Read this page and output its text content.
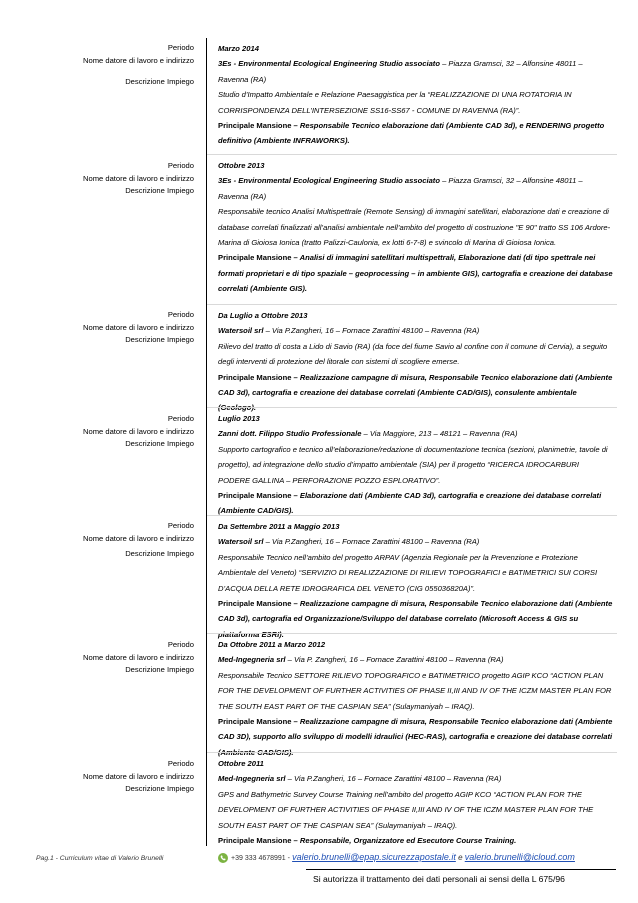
Periodo
Nome datore di lavoro e indirizzo
Descrizione Impiego

Marzo 2014

3Es - Environmental Ecological Engineering Studio associato – Piazza Gramsci, 32 – Alfonsine 48011 – Ravenna (RA)

Studio d’Impatto Ambientale e Relazione Paesaggistica per la “REALIZZAZIONE DI UNA ROTATORIA IN CORRISPONDENZA DELL’INTERSEZIONE SS16-SS67 - COMUNE DI RAVENNA (RA)”.

Principale Mansione – Responsabile Tecnico elaborazione dati (Ambiente CAD 3d), e RENDERING progetto definitivo (Ambiente INFRAWORKS).

Periodo
Nome datore di lavoro e indirizzo
Descrizione Impiego

Ottobre 2013

3Es - Environmental Ecological Engineering Studio associato – Piazza Gramsci, 32 – Alfonsine 48011 – Ravenna (RA)

Responsabile tecnico Analisi Multispettrale (Remote Sensing) di immagini satellitari, elaborazione dati e creazione di database correlati finalizzati all’analisi ambientale nell’ambito del progetto di costruzione "E 90" tratto SS 106 Ardore-Marina di Gioiosa Ionica (tratto Palizzi-Caulonia, ex lotti 6-7-8) e svincolo di Marina di Gioiosa Ionica.

Principale Mansione – Analisi di immagini satellitari multispettrali, Elaborazione dati (di tipo spettrale nei formati proprietari e di tipo spaziale – geoprocessing – in ambiente GIS), cartografia e creazione dei database correlati (Ambiente GIS).

Periodo
Nome datore di lavoro e indirizzo
Descrizione Impiego

Da Luglio a Ottobre 2013

Watersoil srl – Via P.Zangheri, 16 – Fornace Zarattini 48100 – Ravenna (RA)

Rilievo del tratto di costa a Lido di Savio (RA) (da foce del fiume Savio al confine con il comune di Cervia), a seguito degli interventi di protezione del litorale con sistemi di scogliere emerse.

Principale Mansione – Realizzazione campagne di misura, Responsabile Tecnico elaborazione dati (Ambiente CAD 3d), cartografia e creazione dei database correlati (Ambiente CAD/GIS), consulente ambientale (Geologo).

Periodo
Nome datore di lavoro e indirizzo
Descrizione Impiego

Luglio 2013

Zanni dott. Filippo Studio Professionale – Via Maggiore, 213 – 48121 – Ravenna (RA)

Supporto cartografico e tecnico all’elaborazione/redazione di documentazione tecnica (sezioni, planimetrie, tavole di progetto), ad integrazione dello studio d’impatto ambientale (SIA) per il progetto “RICERCA IDROCARBURI PODERE GALLINA – PERFORAZIONE POZZO ESPLORATIVO”.

Principale Mansione – Elaborazione dati (Ambiente CAD 3d), cartografia e creazione dei database correlati (Ambiente CAD/GIS).

Periodo
Nome datore di lavoro e indirizzo
Descrizione Impiego

Da Settembre 2011 a Maggio 2013

Watersoil srl – Via P.Zangheri, 16 – Fornace Zarattini 48100 – Ravenna (RA)

Responsabile Tecnico nell’ambito del progetto ARPAV (Agenzia Regionale per la Prevenzione e Protezione Ambientale del Veneto) “SERVIZIO DI REALIZZAZIONE DI RILIEVI TOPOGRAFICI e BATIMETRICI SUI CORSI D’ACQUA DELLA RETE IDROGRAFICA DEL VENETO (CIG 055036820A)”.

Principale Mansione – Realizzazione campagne di misura, Responsabile Tecnico elaborazione dati (Ambiente CAD 3d), cartografia ed Organizzazione/Sviluppo del database correlato (Microsoft Access & GIS su piattaforma ESRI).

Periodo
Nome datore di lavoro e indirizzo
Descrizione Impiego

Da Ottobre 2011 a Marzo 2012

Med-Ingegneria srl – Via P. Zangheri, 16 – Fornace Zarattini 48100 – Ravenna (RA)

Responsabile Tecnico SETTORE RILIEVO TOPOGRAFICO e BATIMETRICO progetto AGIP KCO “ACTION PLAN FOR THE DEVELOPMENT OF FURTHER ACTIVITIES OF PHASE II,III AND IV OF THE ICZM MASTER PLAN FOR THE SOUTH EAST PART OF THE CASPIAN SEA” (Sulaymaniyah – IRAQ).

Principale Mansione – Realizzazione campagne di misura, Responsabile Tecnico elaborazione dati (Ambiente CAD 3D), supporto allo sviluppo di modelli idraulici (HEC-RAS), cartografia e creazione dei database correlati (Ambiente CAD/GIS).

Periodo
Nome datore di lavoro e indirizzo
Descrizione Impiego

Ottobre 2011

Med-Ingegneria srl – Via P.Zangheri, 16 – Fornace Zarattini 48100 – Ravenna (RA)

GPS and Bathymetric Survey Course Training nell’ambito del progetto AGIP KCO “ACTION PLAN FOR THE DEVELOPMENT OF FURTHER ACTIVITIES OF PHASE II,III AND IV OF THE ICZM MASTER PLAN FOR THE SOUTH EAST PART OF THE CASPIAN SEA” (Sulaymaniyah – IRAQ).

Principale Mansione – Responsabile, Organizzatore ed Esecutore Course Training.

Pag.1 - Curriculum vitae di Valerio Brunelli	+39 333 4678991 - valerio.brunelli@epap.sicurezzapostale.it e valerio.brunelli@icloud.com
Si autorizza il trattamento dei dati personali ai sensi della L 675/96
